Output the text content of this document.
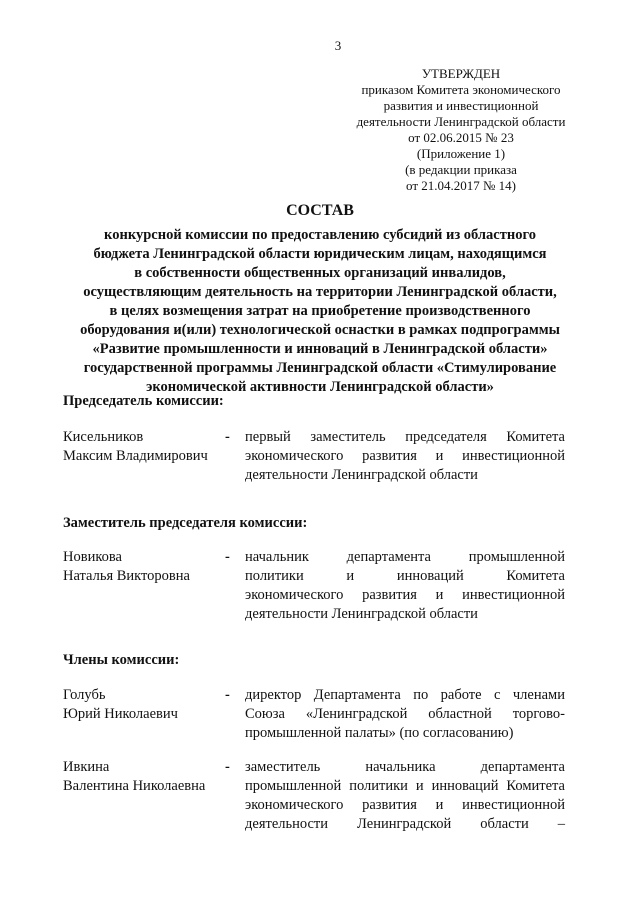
3
УТВЕРЖДЕН
приказом Комитета экономического
развития и инвестиционной
деятельности Ленинградской области
от 02.06.2015 № 23
(Приложение 1)
(в редакции приказа
от 21.04.2017 № 14)
СОСТАВ
конкурсной комиссии по предоставлению субсидий из областного
бюджета Ленинградской области юридическим лицам, находящимся
в собственности общественных организаций инвалидов,
осуществляющим деятельность на территории Ленинградской области,
в целях возмещения затрат на приобретение производственного
оборудования и(или) технологической оснастки в рамках подпрограммы
«Развитие промышленности и инноваций в Ленинградской области»
государственной программы Ленинградской области «Стимулирование
экономической активности Ленинградской области»
Председатель комиссии:
Кисельников
Максим Владимирович
- первый заместитель председателя Комитета
экономического развития и инвестиционной
деятельности Ленинградской области
Заместитель председателя комиссии:
Новикова
Наталья Викторовна
- начальник департамента промышленной
политики и инноваций Комитета
экономического развития и инвестиционной
деятельности Ленинградской области
Члены комиссии:
Голубь
Юрий Николаевич
- директор Департамента по работе с членами
Союза «Ленинградской областной торгово-
промышленной палаты» (по согласованию)
Ивкина
Валентина Николаевна
- заместитель начальника департамента
промышленной политики и инноваций Комитета
экономического развития и инвестиционной
деятельности Ленинградской области –
